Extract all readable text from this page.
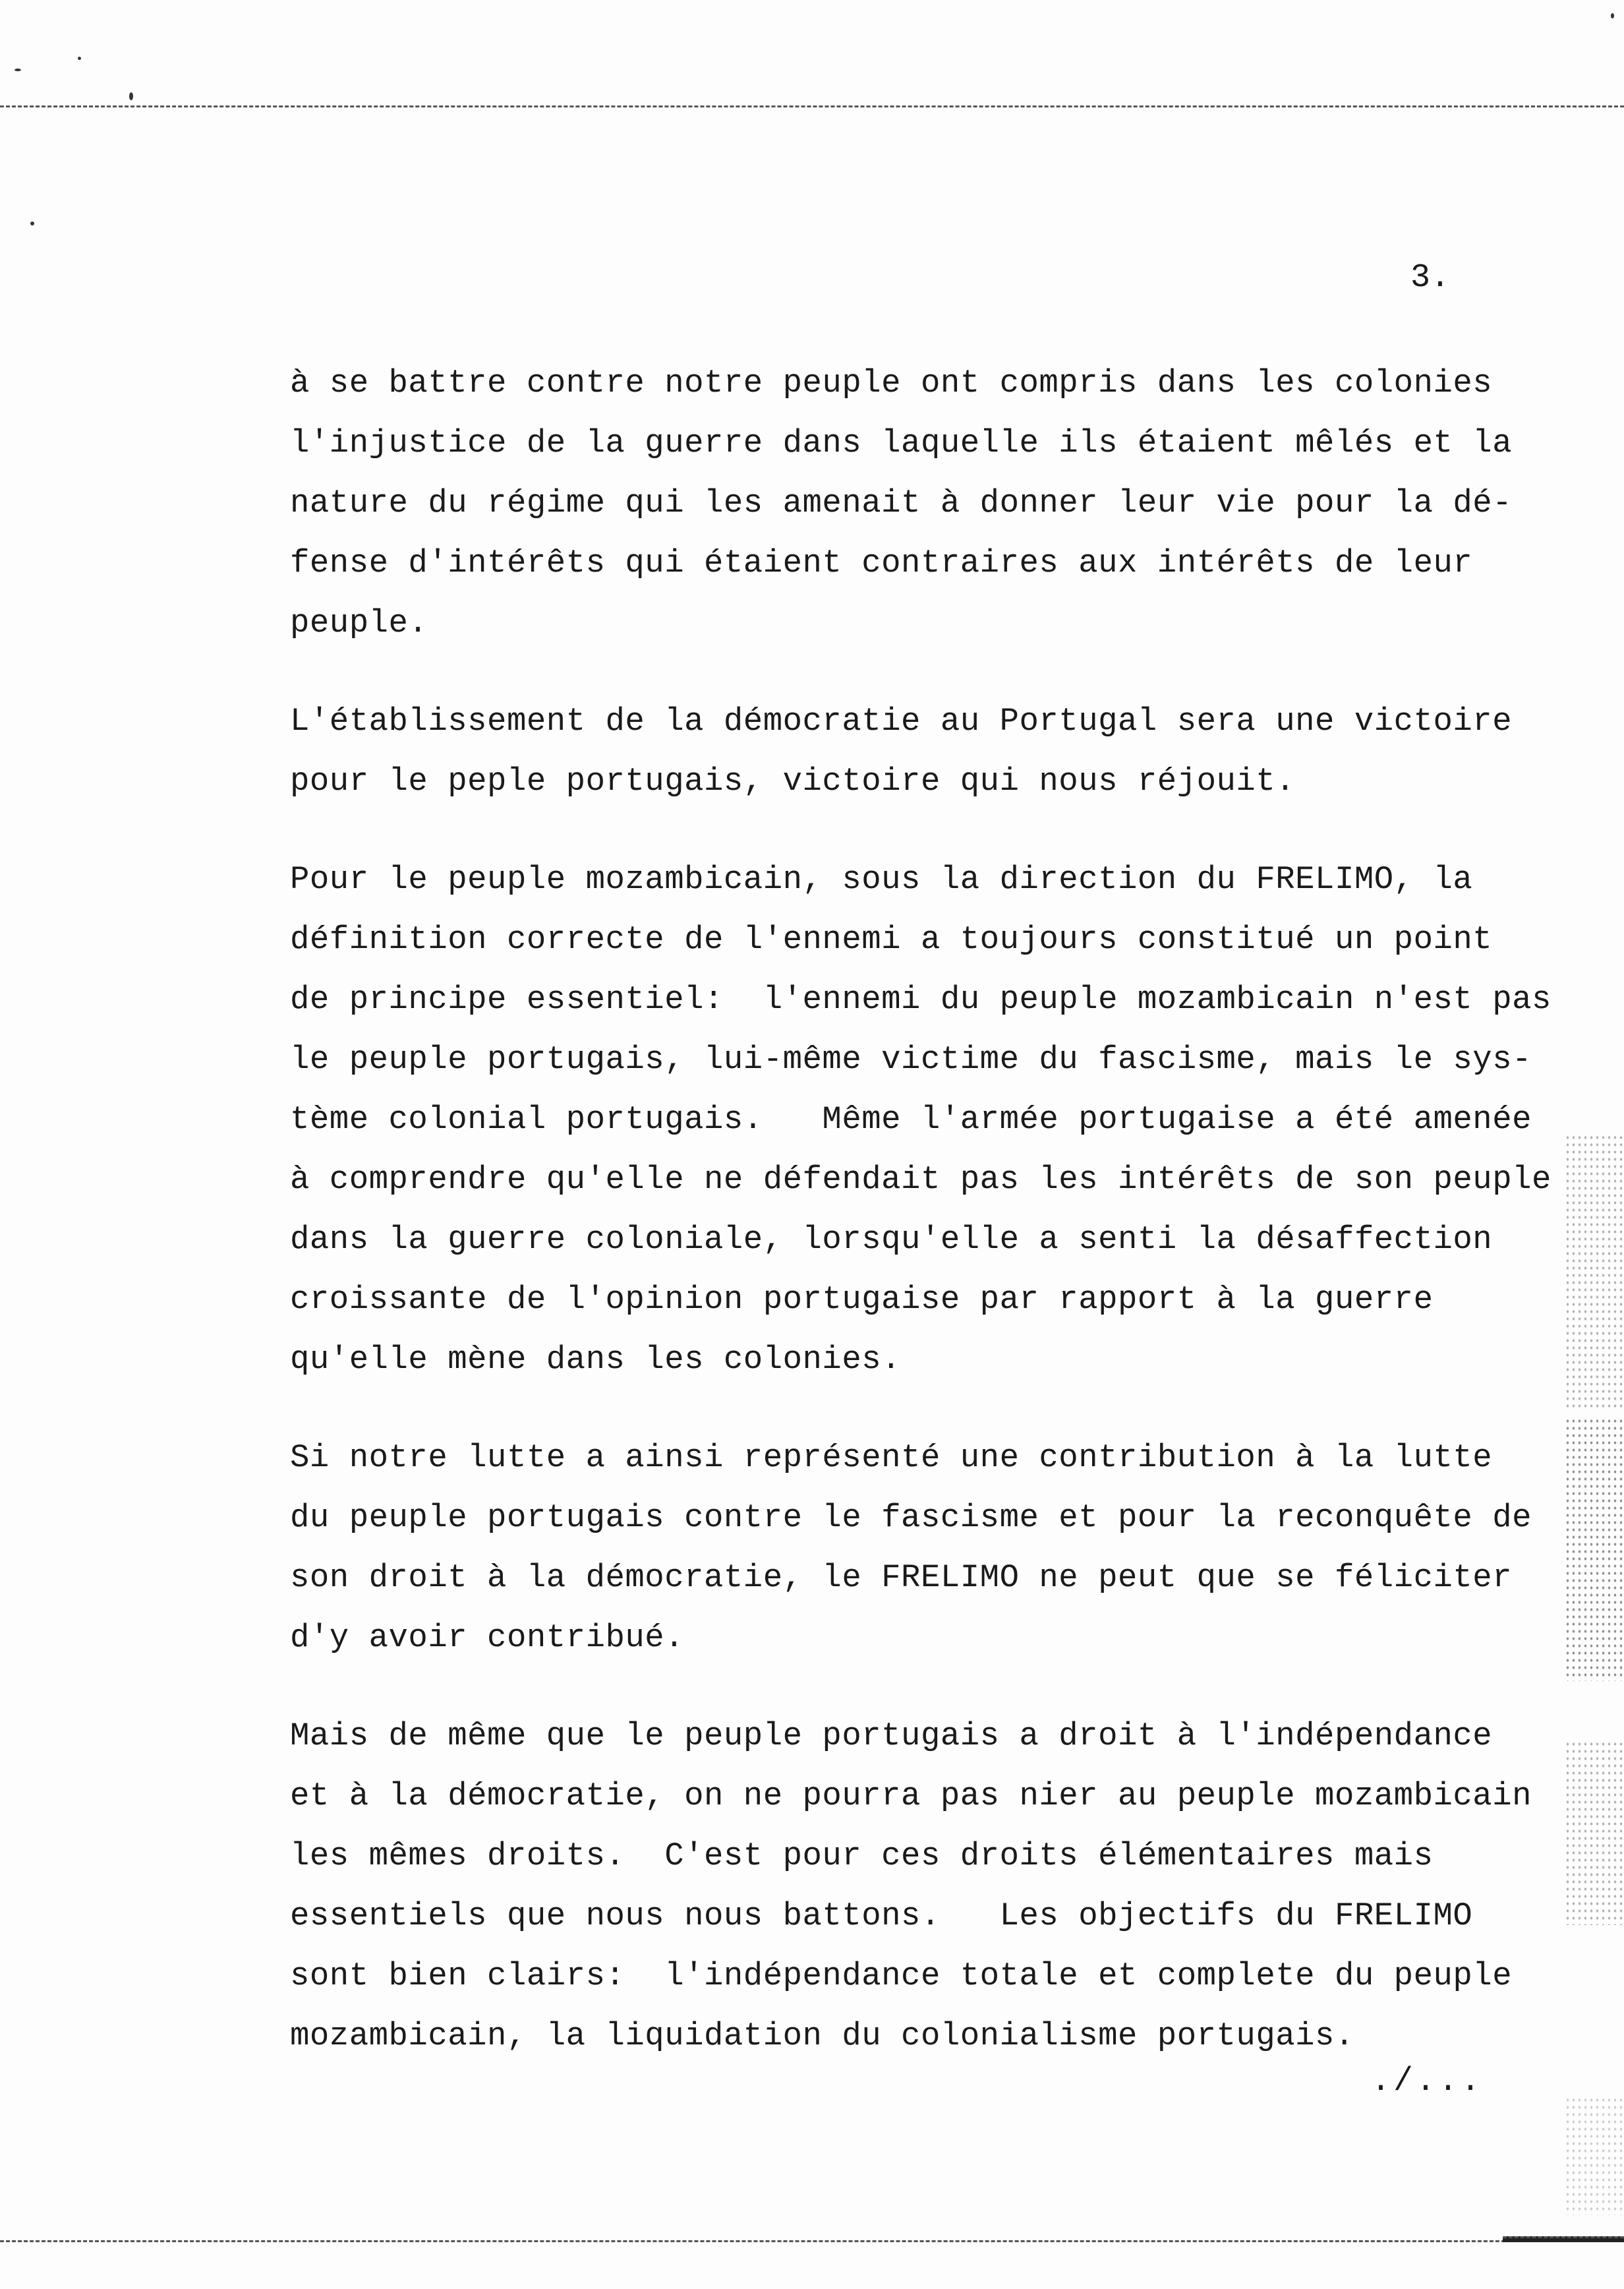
3.
à se battre contre notre peuple ont compris dans les colonies
l'injustice de la guerre dans laquelle ils étaient mêlés et la
nature du régime qui les amenait à donner leur vie pour la dé-
fense d'intérêts qui étaient contraires aux intérêts de leur
peuple.
L'établissement de la démocratie au Portugal sera une victoire
pour le peple portugais, victoire qui nous réjouit.
Pour le peuple mozambicain, sous la direction du FRELIMO, la
définition correcte de l'ennemi a toujours constitué un point
de principe essentiel:  l'ennemi du peuple mozambicain n'est pas
le peuple portugais, lui-même victime du fascisme, mais le sys-
tème colonial portugais.   Même l'armée portugaise a été amenée
à comprendre qu'elle ne défendait pas les intérêts de son peuple
dans la guerre coloniale, lorsqu'elle a senti la désaffection
croissante de l'opinion portugaise par rapport à la guerre
qu'elle mène dans les colonies.
Si notre lutte a ainsi représenté une contribution à la lutte
du peuple portugais contre le fascisme et pour la reconquête de
son droit à la démocratie, le FRELIMO ne peut que se féliciter
d'y avoir contribué.
Mais de même que le peuple portugais a droit à l'indépendance
et à la démocratie, on ne pourra pas nier au peuple mozambicain
les mêmes droits.  C'est pour ces droits élémentaires mais
essentiels que nous nous battons.   Les objectifs du FRELIMO
sont bien clairs:  l'indépendance totale et complete du peuple
mozambicain, la liquidation du colonialisme portugais.
./...
